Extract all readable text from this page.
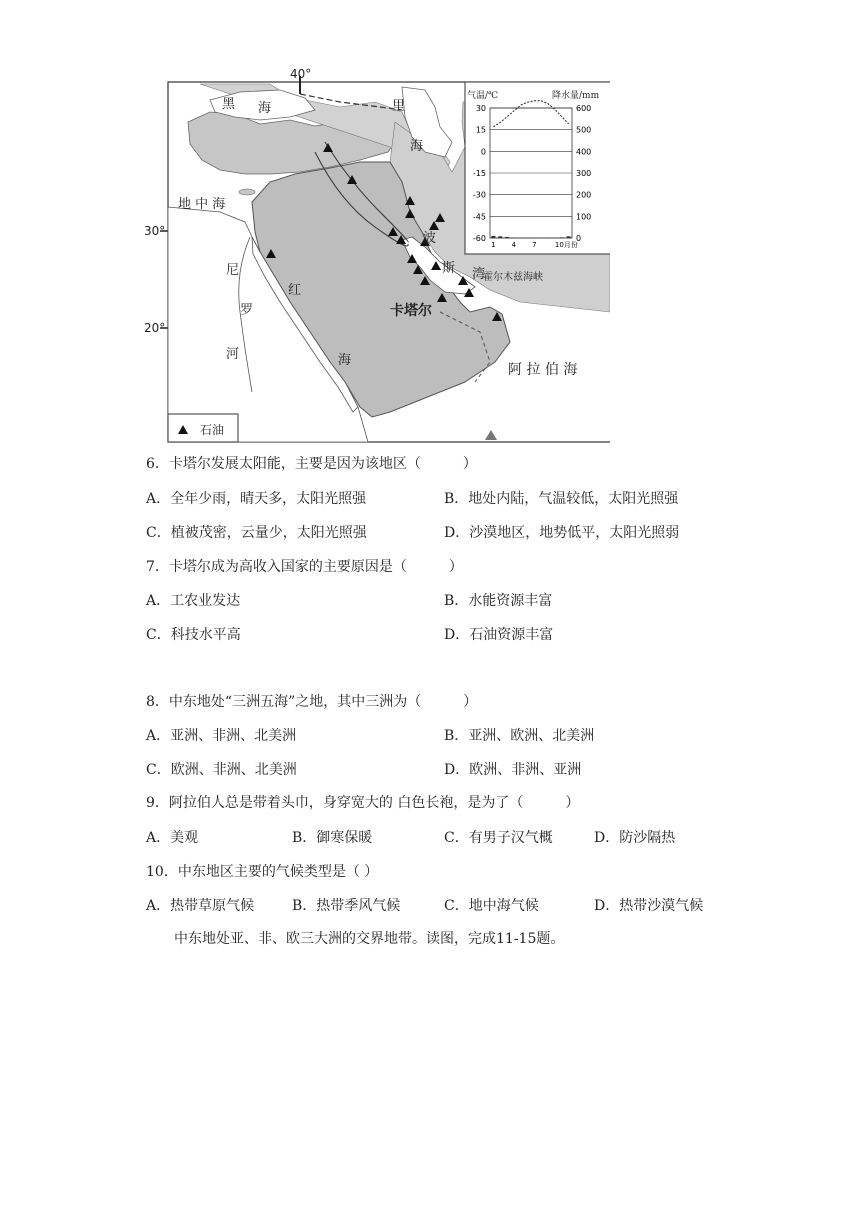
40°
30°
20°
黑 海	里
海
地 中 海
尼
罗
河
红
海
波
斯 湾
霍尔木兹海峡
卡塔尔
阿 拉 伯 海
石油
气温/℃	降水量/mm
30	600
15	500
0	400
-15	300
-30	200
-45	100
-60	0
1 4 7	10月份
6．卡塔尔发展太阳能，主要是因为该地区（　　　）
A．全年少雨，晴天多，太阳光照强	B．地处内陆，气温较低，太阳光照强
C．植被茂密，云量少，太阳光照强	D．沙漠地区，地势低平，太阳光照弱
7．卡塔尔成为高收入国家的主要原因是（　　　）
A．工农业发达	B．水能资源丰富
C．科技水平高	D．石油资源丰富
8．中东地处“三洲五海”之地，其中三洲为（　　　）
A．亚洲、非洲、北美洲	B．亚洲、欧洲、北美洲
C．欧洲、非洲、北美洲	D．欧洲、非洲、亚洲
9．阿拉伯人总是带着头巾，身穿宽大的 白色长袍，是为了（　　　）
A．美观	B．御寒保暖	C．有男子汉气概	D．防沙隔热
10．中东地区主要的气候类型是（ ）
A．热带草原气候	B．热带季风气候	C．地中海气候	D．热带沙漠气候
中东地处亚、非、欧三大洲的交界地带。读图，完成11-15题。
